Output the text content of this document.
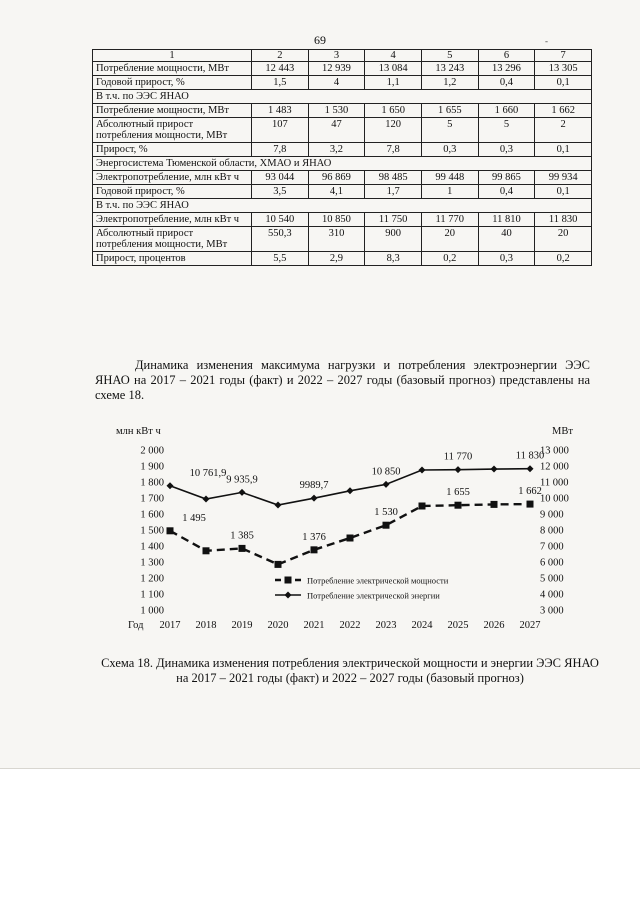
69	-
1	2	3	4	5	6	7
Потребление мощности, МВт	12 443	12 939	13 084	13 243	13 296	13 305
Годовой прирост, %	1,5	4	1,1	1,2	0,4	0,1
В т.ч. по ЭЭС ЯНАО						
Потребление мощности, МВт	1 483	1 530	1 650	1 655	1 660	1 662
Абсолютный прирост потребления мощности, МВт	107	47	120	5	5	2
Прирост, %	7,8	3,2	7,8	0,3	0,3	0,1
Энергосистема Тюменской области, ХМАО и ЯНАО						
Электропотребление, млн кВт ч	93 044	96 869	98 485	99 448	99 865	99 934
Годовой прирост, %	3,5	4,1	1,7	1	0,4	0,1
В т.ч. по ЭЭС ЯНАО						
Электропотребление, млн кВт ч	10 540	10 850	11 750	11 770	11 810	11 830
Абсолютный прирост потребления мощности, МВт	550,3	310	900	20	40	20
Прирост, процентов	5,5	2,9	8,3	0,2	0,3	0,2
Динамика изменения максимума нагрузки и потребления электроэнергии ЭЭС ЯНАО на 2017 – 2021 годы (факт) и 2022 – 2027 годы (базовый прогноз) представлены на схеме 18.
млн кВт ч	МВт
1 000
1 100
1 200
1 300
1 400
1 500
1 600
1 700
1 800
1 900
2 000
3 000
4 000
5 000
6 000
7 000
8 000
9 000
10 000
11 000
12 000
13 000
Год 2017 2018 2019 2020 2021 2022 2023 2024 2025 2026 2027
1 495
1 385	1 376
1 530
1 655	1 662
10 761,9
9 935,9
9989,7
10 850
11 770	11 830
Потребление электрической мощности
Потребление электрической энергии
Схема 18. Динамика изменения потребления электрической мощности и энергии ЭЭС ЯНАО на 2017 – 2021 годы (факт) и 2022 – 2027 годы (базовый прогноз)
